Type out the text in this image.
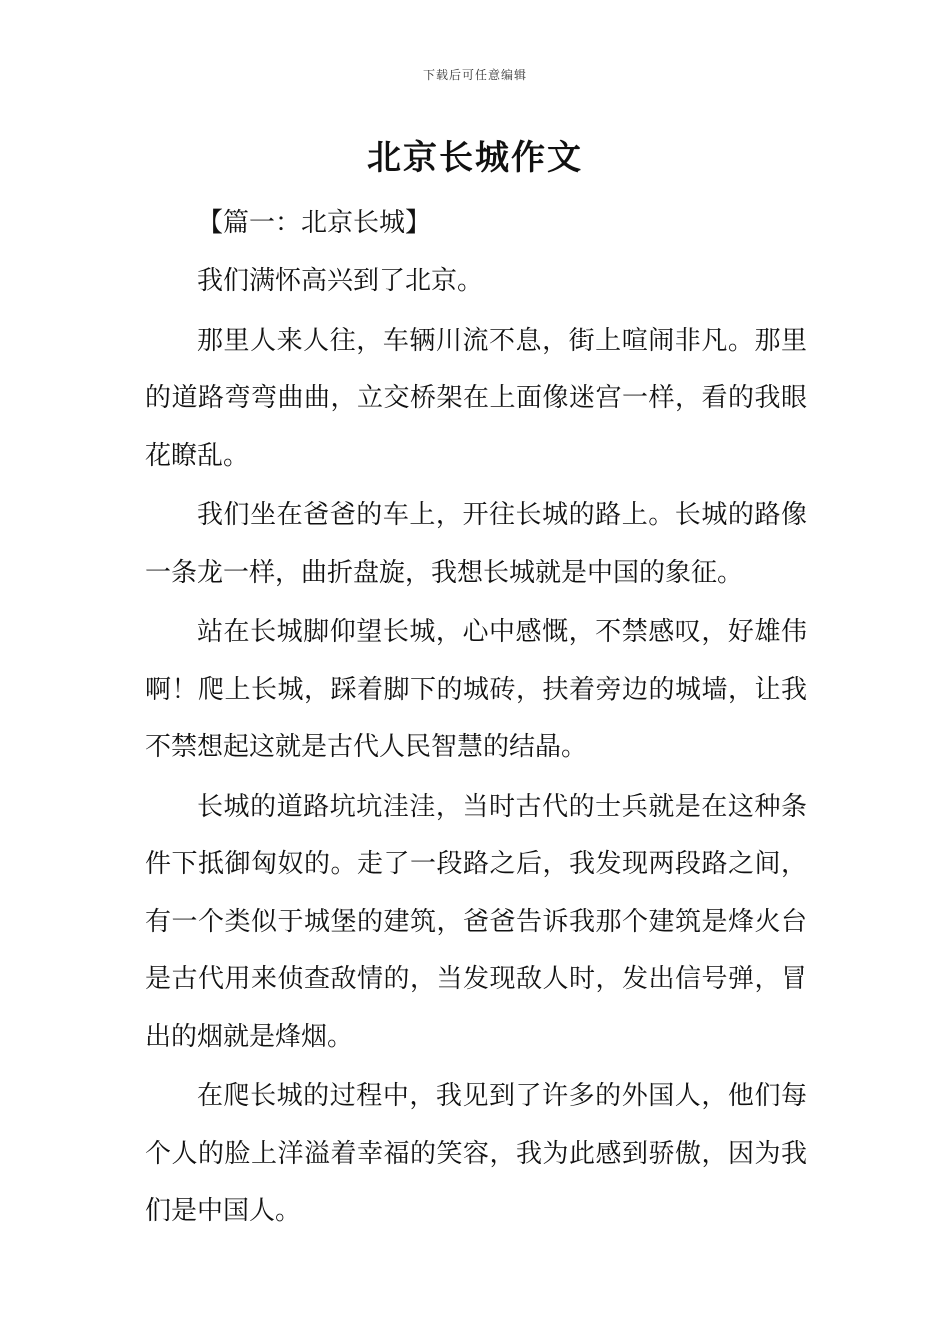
下载后可任意编辑
北京长城作文
【篇一：北京长城】

我们满怀高兴到了北京。

那里人来人往，车辆川流不息，街上喧闹非凡。那里的道路弯弯曲曲，立交桥架在上面像迷宫一样，看的我眼花瞭乱。

我们坐在爸爸的车上，开往长城的路上。长城的路像一条龙一样，曲折盘旋，我想长城就是中国的象征。

站在长城脚仰望长城，心中感慨，不禁感叹，好雄伟啊！爬上长城，踩着脚下的城砖，扶着旁边的城墙，让我不禁想起这就是古代人民智慧的结晶。

长城的道路坑坑洼洼，当时古代的士兵就是在这种条件下抵御匈奴的。走了一段路之后，我发现两段路之间，有一个类似于城堡的建筑，爸爸告诉我那个建筑是烽火台是古代用来侦查敌情的，当发现敌人时，发出信号弹，冒出的烟就是烽烟。

在爬长城的过程中，我见到了许多的外国人，他们每个人的脸上洋溢着幸福的笑容，我为此感到骄傲，因为我们是中国人。
